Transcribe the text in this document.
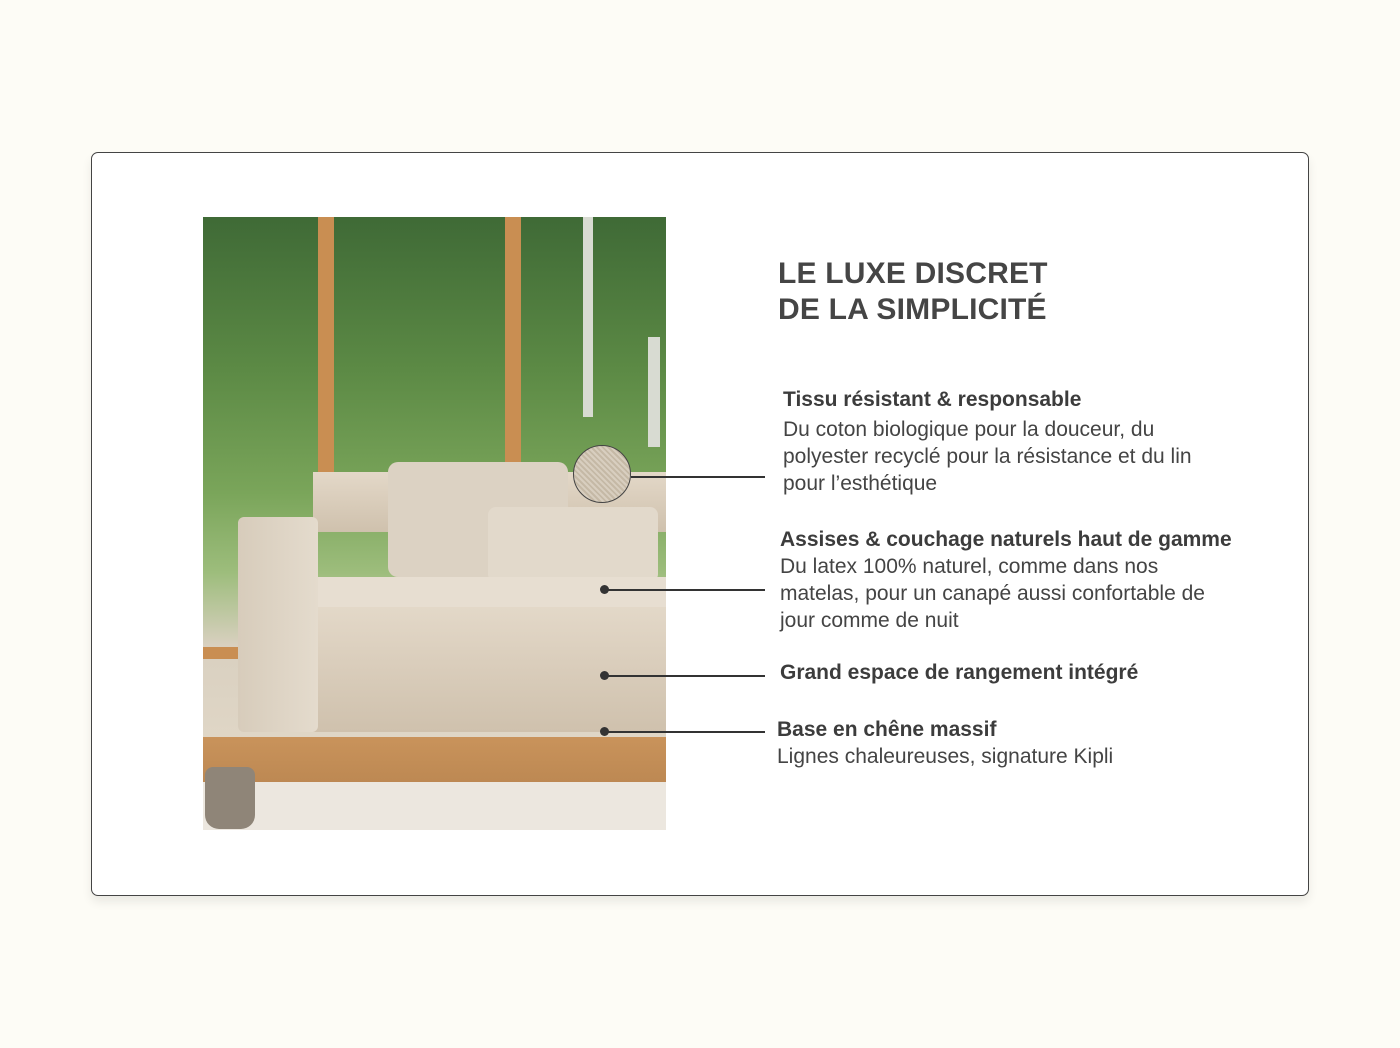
LE LUXE DISCRET
DE LA SIMPLICITÉ
Tissu résistant & responsable
Du coton biologique pour la douceur, du
polyester recyclé pour la résistance et du lin
pour l’esthétique
Assises & couchage naturels haut de gamme
Du latex 100% naturel, comme dans nos
matelas, pour un canapé aussi confortable de
jour comme de nuit
Grand espace de rangement intégré
Base en chêne massif
Lignes chaleureuses, signature Kipli
